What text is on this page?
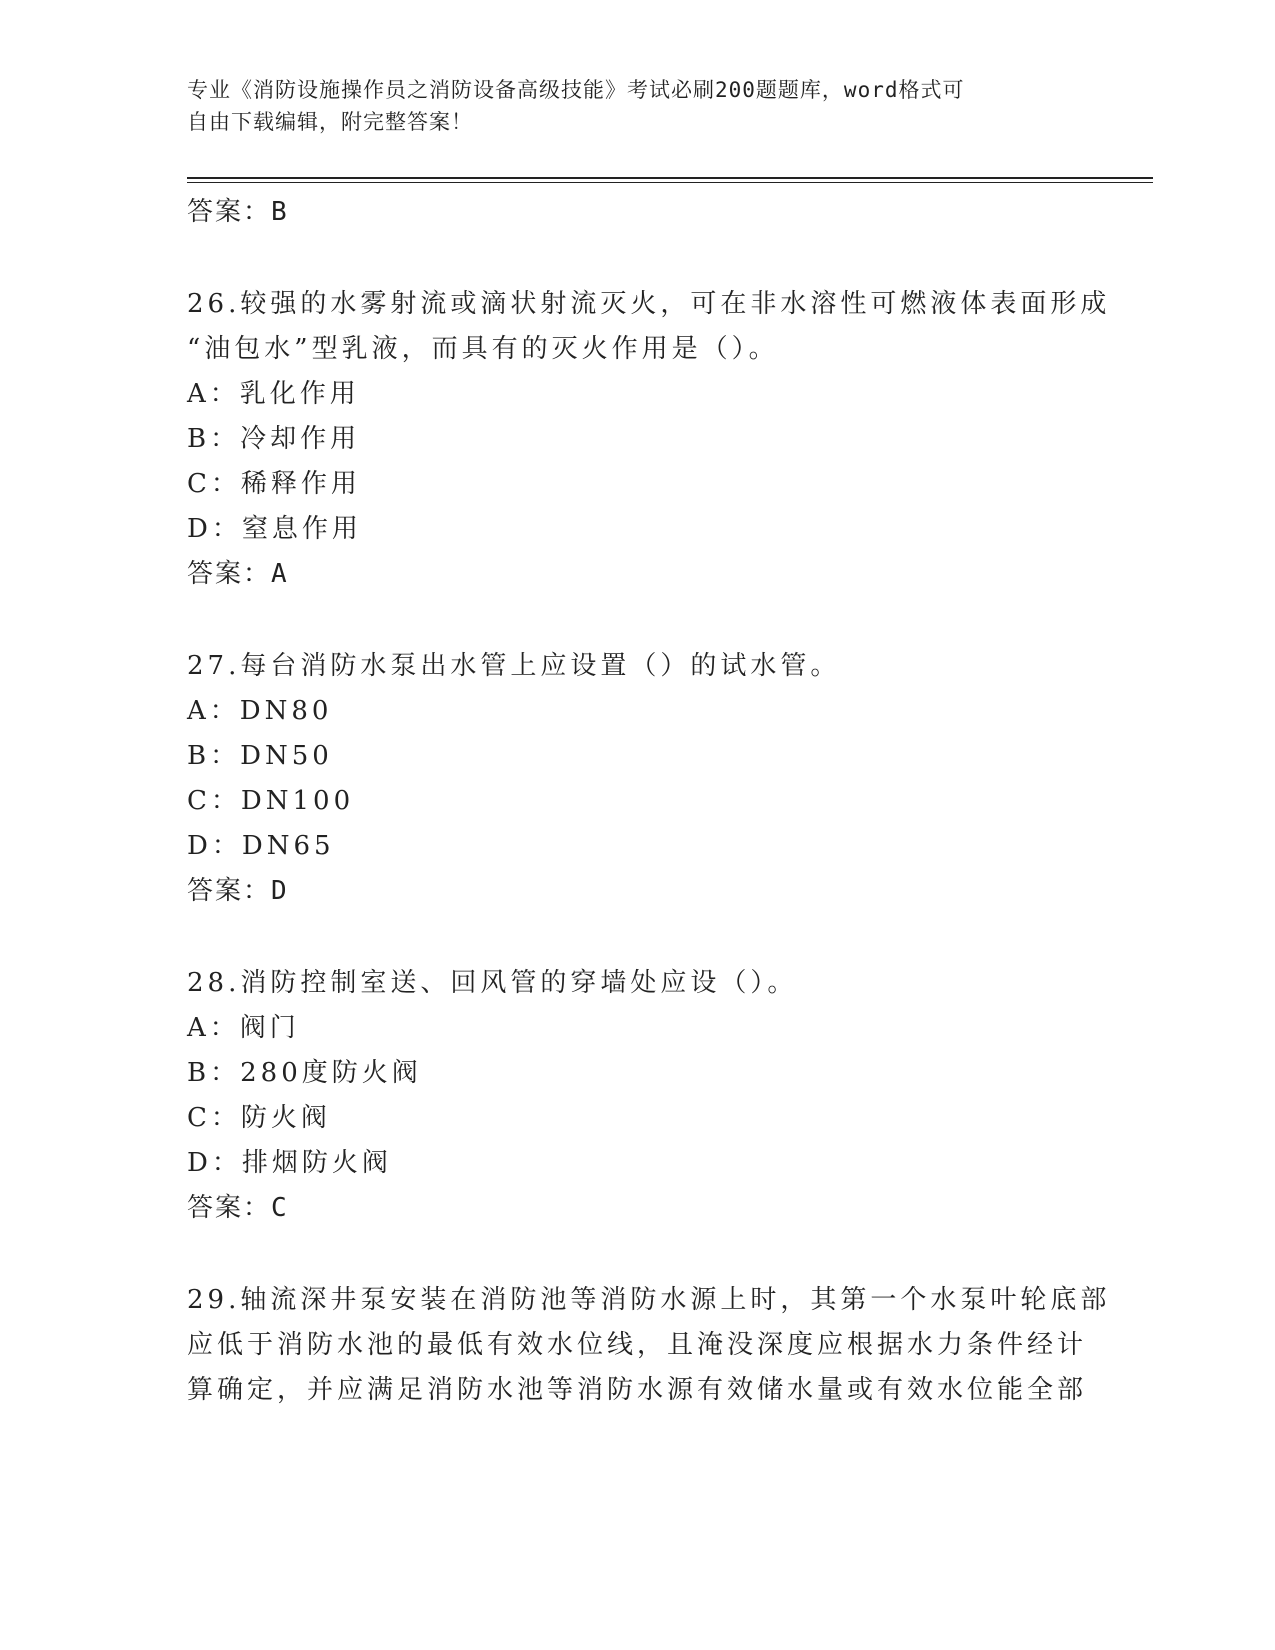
专业《消防设施操作员之消防设备高级技能》考试必刷200题题库，word格式可
自由下载编辑，附完整答案！
答案：B
26.较强的水雾射流或滴状射流灭火，可在非水溶性可燃液体表面形成
“油包水”型乳液，而具有的灭火作用是（）。
A：乳化作用
B：冷却作用
C：稀释作用
D：窒息作用
答案：A
27.每台消防水泵出水管上应设置（）的试水管。
A：DN80
B：DN50
C：DN100
D：DN65
答案：D
28.消防控制室送、回风管的穿墙处应设（）。
A：阀门
B：280度防火阀
C：防火阀
D：排烟防火阀
答案：C
29.轴流深井泵安装在消防池等消防水源上时，其第一个水泵叶轮底部
应低于消防水池的最低有效水位线，且淹没深度应根据水力条件经计
算确定，并应满足消防水池等消防水源有效储水量或有效水位能全部
